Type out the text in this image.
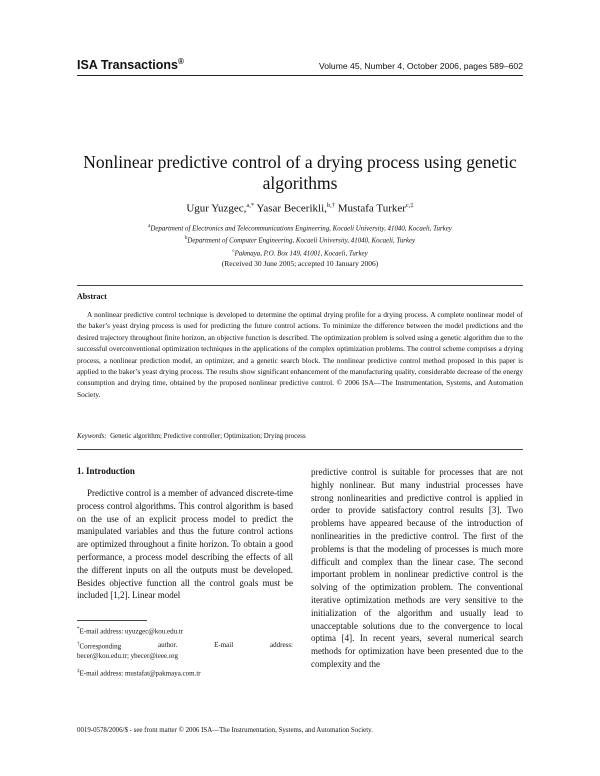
ISA Transactions®	Volume 45, Number 4, October 2006, pages 589–602
Nonlinear predictive control of a drying process using genetic algorithms
Ugur Yuzgec,$^{a,*}$ Yasar Becerikli,$^{b,\dagger}$ Mustafa Turker$^{c,\ddagger}$
$^a$Department of Electronics and Telecommunications Engineering, Kocaeli University, 41040, Kocaeli, Turkey
$^b$Department of Computer Engineering, Kocaeli University, 41040, Kocaeli, Turkey
$^c$Pakmaya, P.O. Box 149, 41001, Kocaeli, Turkey
(Received 30 June 2005; accepted 10 January 2006)
Abstract
A nonlinear predictive control technique is developed to determine the optimal drying profile for a drying process. A complete nonlinear model of the baker’s yeast drying process is used for predicting the future control actions. To minimize the difference between the model predictions and the desired trajectory throughout finite horizon, an objective function is described. The optimization problem is solved using a genetic algorithm due to the successful overconventional optimization techniques in the applications of the complex optimization problems. The control scheme comprises a drying process, a nonlinear prediction model, an optimizer, and a genetic search block. The nonlinear predictive control method proposed in this paper is applied to the baker’s yeast drying process. The results show significant enhancement of the manufacturing quality, considerable decrease of the energy consumption and drying time, obtained by the proposed nonlinear predictive control. © 2006 ISA—The Instrumentation, Systems, and Automation Society.
Keywords: Genetic algorithm; Predictive controller; Optimization; Drying process
1. Introduction
Predictive control is a member of advanced discrete-time process control algorithms. This control algorithm is based on the use of an explicit process model to predict the manipulated variables and thus the future control actions are optimized throughout a finite horizon. To obtain a good performance, a process model describing the effects of all the different inputs on all the outputs must be developed. Besides objective function all the control goals must be included [1,2]. Linear model
predictive control is suitable for processes that are not highly nonlinear. But many industrial processes have strong nonlinearities and predictive control is applied in order to provide satisfactory control results [3]. Two problems have appeared because of the introduction of nonlinearities in the predictive control. The first of the problems is that the modeling of processes is much more difficult and complex than the linear case. The second important problem in nonlinear predictive control is the solving of the optimization problem. The conventional iterative optimization methods are very sensitive to the initialization of the algorithm and usually lead to unacceptable solutions due to the convergence to local optima [4]. In recent years, several numerical search methods for optimization have been presented due to the complexity and the
*E-mail address: uyuzgec@kou.edu.tr
†Corresponding	author.	E-mail	address:
becer@kou.edu.tr; ybecer@ieee.org
‡E-mail address: mustafat@pakmaya.com.tr
0019-0578/2006/$ - see front matter © 2006 ISA—The Instrumentation, Systems, and Automation Society.
